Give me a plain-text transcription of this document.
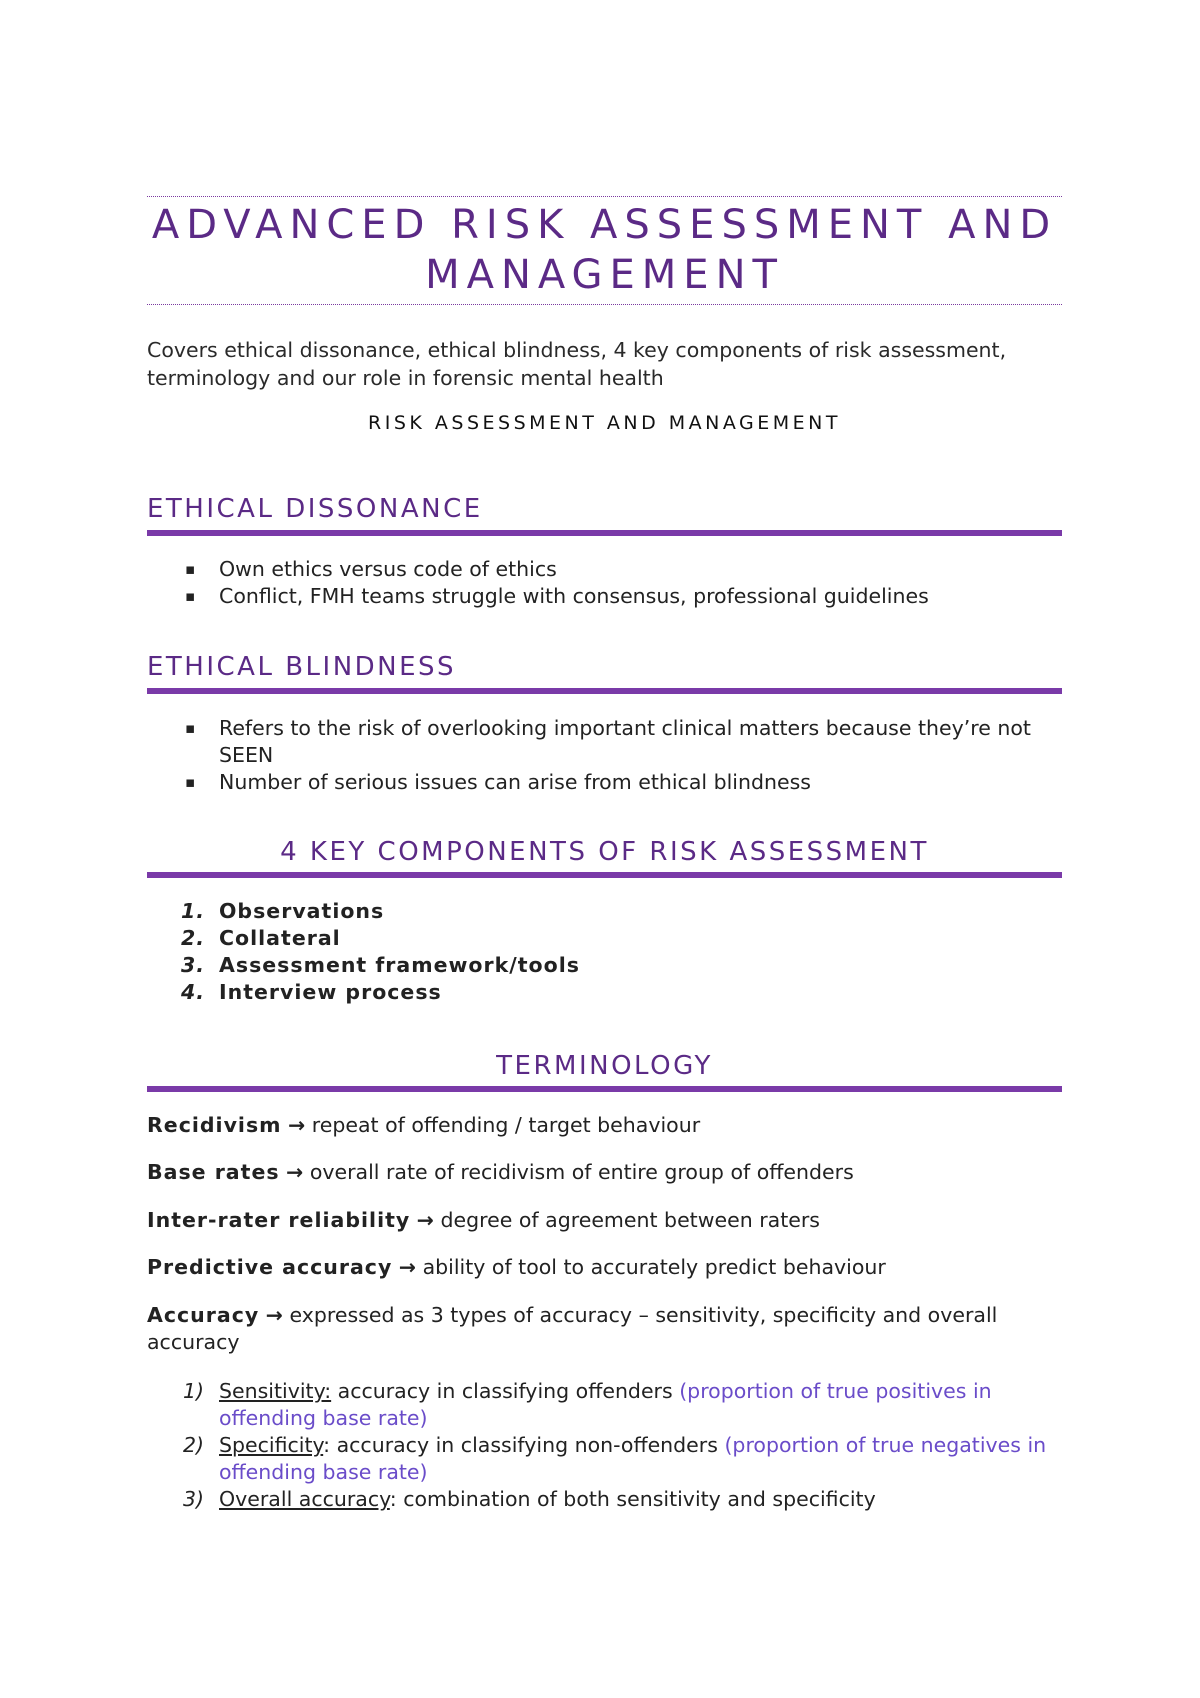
ADVANCED RISK ASSESSMENT AND MANAGEMENT
Covers ethical dissonance, ethical blindness, 4 key components of risk assessment, terminology and our role in forensic mental health
RISK ASSESSMENT AND MANAGEMENT
ETHICAL DISSONANCE
▪ Own ethics versus code of ethics
▪ Conflict, FMH teams struggle with consensus, professional guidelines
ETHICAL BLINDNESS
▪ Refers to the risk of overlooking important clinical matters because they’re not SEEN
▪ Number of serious issues can arise from ethical blindness
4 KEY COMPONENTS OF RISK ASSESSMENT
1. Observations
2. Collateral
3. Assessment framework/tools
4. Interview process
TERMINOLOGY
Recidivism → repeat of offending / target behaviour
Base rates → overall rate of recidivism of entire group of offenders
Inter-rater reliability → degree of agreement between raters
Predictive accuracy → ability of tool to accurately predict behaviour
Accuracy → expressed as 3 types of accuracy – sensitivity, specificity and overall accuracy
1) Sensitivity: accuracy in classifying offenders (proportion of true positives in offending base rate)
2) Specificity: accuracy in classifying non-offenders (proportion of true negatives in offending base rate)
3) Overall accuracy: combination of both sensitivity and specificity
